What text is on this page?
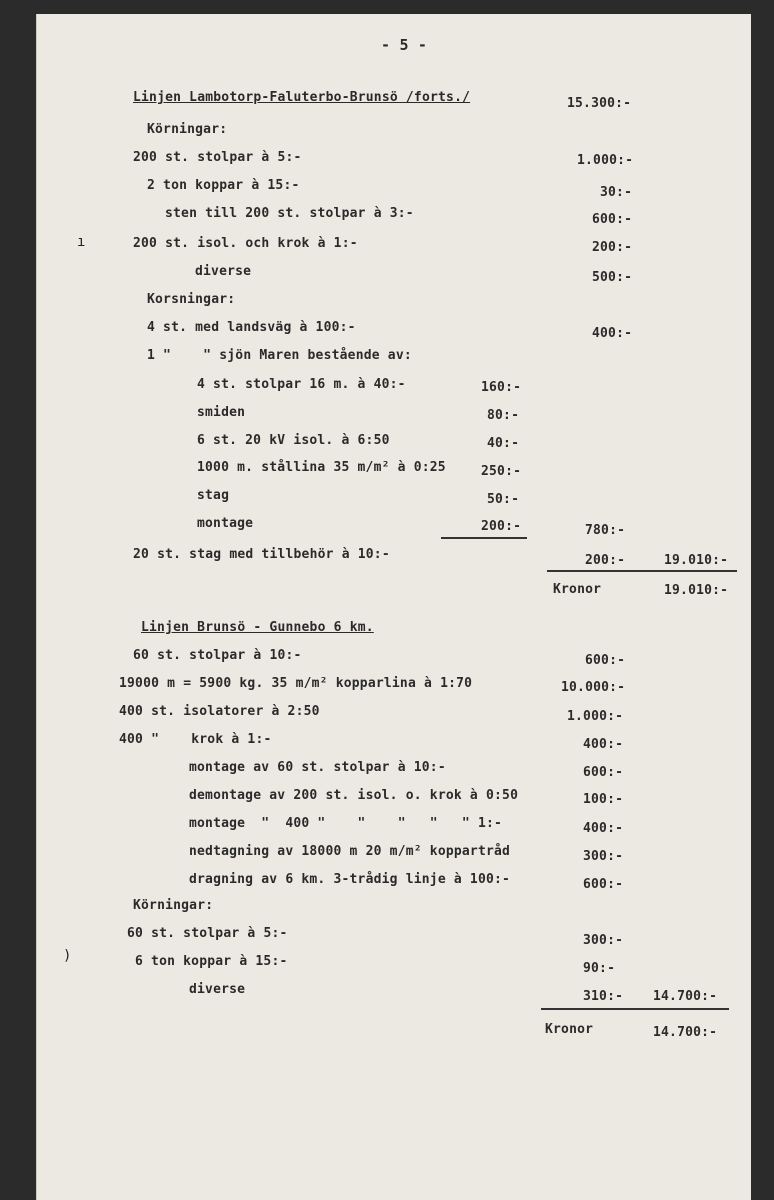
- 5 -
Linjen Lambotorp-Faluterbo-Brunsö /forts./	15.300:-
Körningar:
200 st. stolpar à 5:-	1.000:-
2 ton koppar à 15:-	30:-
sten till 200 st. stolpar à 3:-	600:-
200 st. isol. och krok à 1:-	200:-
diverse	500:-
Korsningar:
4 st. med landsväg à 100:-	400:-
1 "    " sjön Maren bestående av:
4 st. stolpar 16 m. à 40:-	160:-
smiden	80:-
6 st. 20 kV isol. à 6:50	40:-
1000 m. stållina 35 m/m² à 0:25	250:-
stag	50:-
montage	200:-	780:-
20 st. stag med tillbehör à 10:-	200:-	19.010:-
Kronor	19.010:-
Linjen Brunsö - Gunnebo 6 km.
60 st. stolpar à 10:-	600:-
19000 m = 5900 kg. 35 m/m² kopparlina à 1:70	10.000:-
400 st. isolatorer à 2:50	1.000:-
400 "    krok à 1:-	400:-
montage av 60 st. stolpar à 10:-	600:-
demontage av 200 st. isol. o. krok à 0:50	100:-
montage  "  400 "    "    "   "   " 1:-	400:-
nedtagning av 18000 m 20 m/m² koppartråd	300:-
dragning av 6 km. 3-trådig linje à 100:-	600:-
Körningar:
60 st. stolpar à 5:-	300:-
6 ton koppar à 15:-	90:-
diverse	310:- 14.700:-
Kronor	14.700:-
ı
)
